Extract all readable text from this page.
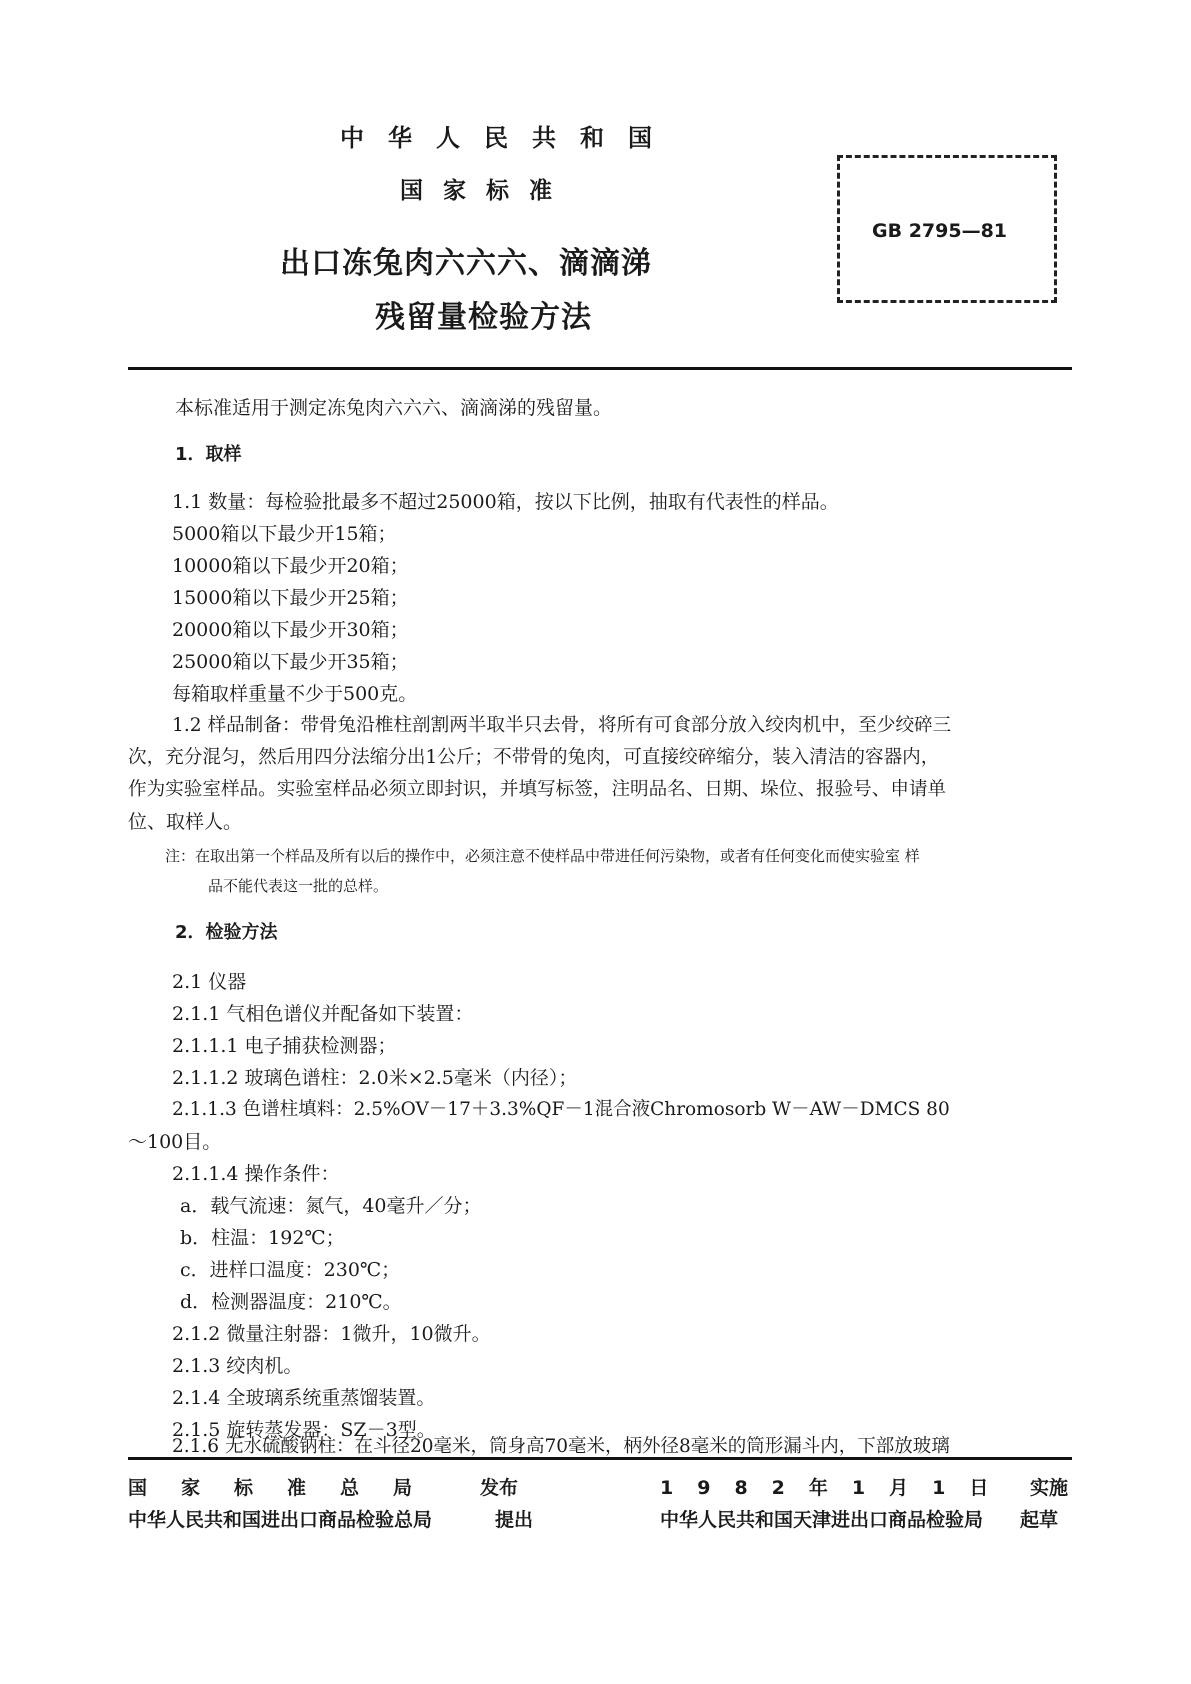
中华人民共和国
国家标准
出口冻兔肉六六六、滴滴涕
残留量检验方法
GB 2795—81
本标准适用于测定冻兔肉六六六、滴滴涕的残留量。
1．取样
1.1 数量：每检验批最多不超过25000箱，按以下比例，抽取有代表性的样品。
5000箱以下最少开15箱；
10000箱以下最少开20箱；
15000箱以下最少开25箱；
20000箱以下最少开30箱；
25000箱以下最少开35箱；
每箱取样重量不少于500克。
1.2 样品制备：带骨兔沿椎柱剖割两半取半只去骨，将所有可食部分放入绞肉机中，至少绞碎三
次，充分混匀，然后用四分法缩分出1公斤；不带骨的兔肉，可直接绞碎缩分，装入清洁的容器内，
作为实验室样品。实验室样品必须立即封识，并填写标签，注明品名、日期、垛位、报验号、申请单
位、取样人。
注：在取出第一个样品及所有以后的操作中，必须注意不使样品中带进任何污染物，或者有任何变化而使实验室 样
品不能代表这一批的总样。
2．检验方法
2.1 仪器
2.1.1 气相色谱仪并配备如下装置：
2.1.1.1 电子捕获检测器；
2.1.1.2 玻璃色谱柱：2.0米×2.5毫米（内径）；
2.1.1.3 色谱柱填料：2.5%OV－17＋3.3%QF－1混合液Chromosorb W－AW－DMCS 80
～100目。
2.1.1.4 操作条件：
a．载气流速：氮气，40毫升／分；
b．柱温：192℃；
c．进样口温度：230℃；
d．检测器温度：210℃。
2.1.2 微量注射器：1微升，10微升。
2.1.3 绞肉机。
2.1.4 全玻璃系统重蒸馏装置。
2.1.5 旋转蒸发器：SZ－3型。
2.1.6 无水硫酸钠柱：在斗径20毫米，筒身高70毫米，柄外径8毫米的筒形漏斗内，下部放玻璃
国家标准总局 发布
中华人民共和国进出口商品检验总局	提出
1982年1月1日 实施
中华人民共和国天津进出口商品检验局 起草
